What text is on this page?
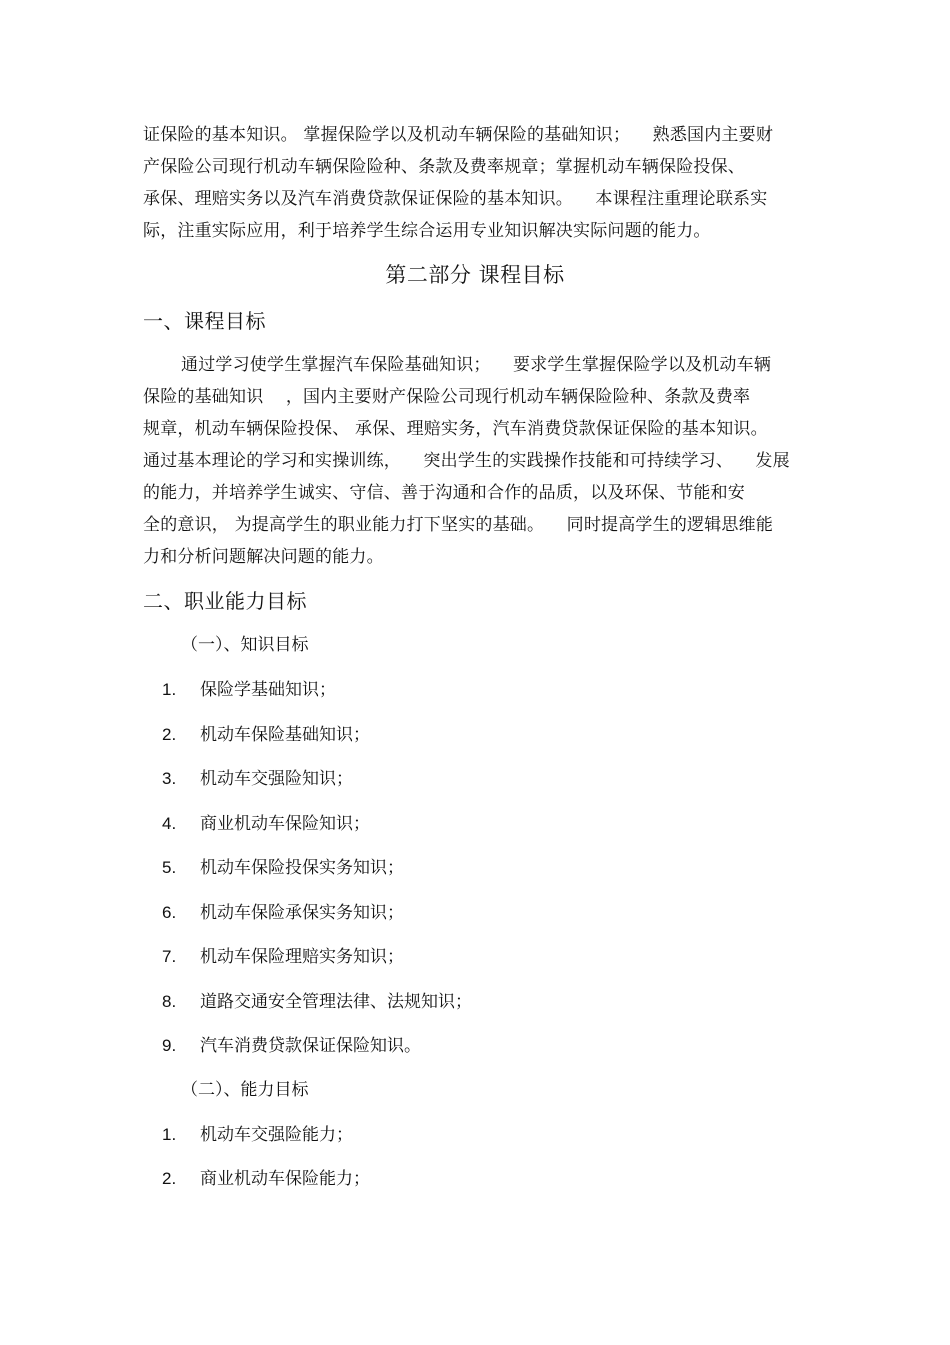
证保险的基本知识。 掌握保险学以及机动车辆保险的基础知识；    熟悉国内主要财
产保险公司现行机动车辆保险险种、条款及费率规章；掌握机动车辆保险投保、
承保、理赔实务以及汽车消费贷款保证保险的基本知识。    本课程注重理论联系实
际，注重实际应用，利于培养学生综合运用专业知识解决实际问题的能力。
第二部分 课程目标
一、课程目标
通过学习使学生掌握汽车保险基础知识；    要求学生掌握保险学以及机动车辆
保险的基础知识    ，国内主要财产保险公司现行机动车辆保险险种、条款及费率
规章，机动车辆保险投保、 承保、理赔实务，汽车消费贷款保证保险的基本知识。
通过基本理论的学习和实操训练，    突出学生的实践操作技能和可持续学习、    发展
的能力，并培养学生诚实、守信、善于沟通和合作的品质，以及环保、节能和安
全的意识， 为提高学生的职业能力打下坚实的基础。    同时提高学生的逻辑思维能
力和分析问题解决问题的能力。
二、职业能力目标
（一）、知识目标
1. 保险学基础知识；
2. 机动车保险基础知识；
3. 机动车交强险知识；
4. 商业机动车保险知识；
5. 机动车保险投保实务知识；
6. 机动车保险承保实务知识；
7. 机动车保险理赔实务知识；
8. 道路交通安全管理法律、法规知识；
9. 汽车消费贷款保证保险知识。
（二）、能力目标
1. 机动车交强险能力；
2. 商业机动车保险能力；
